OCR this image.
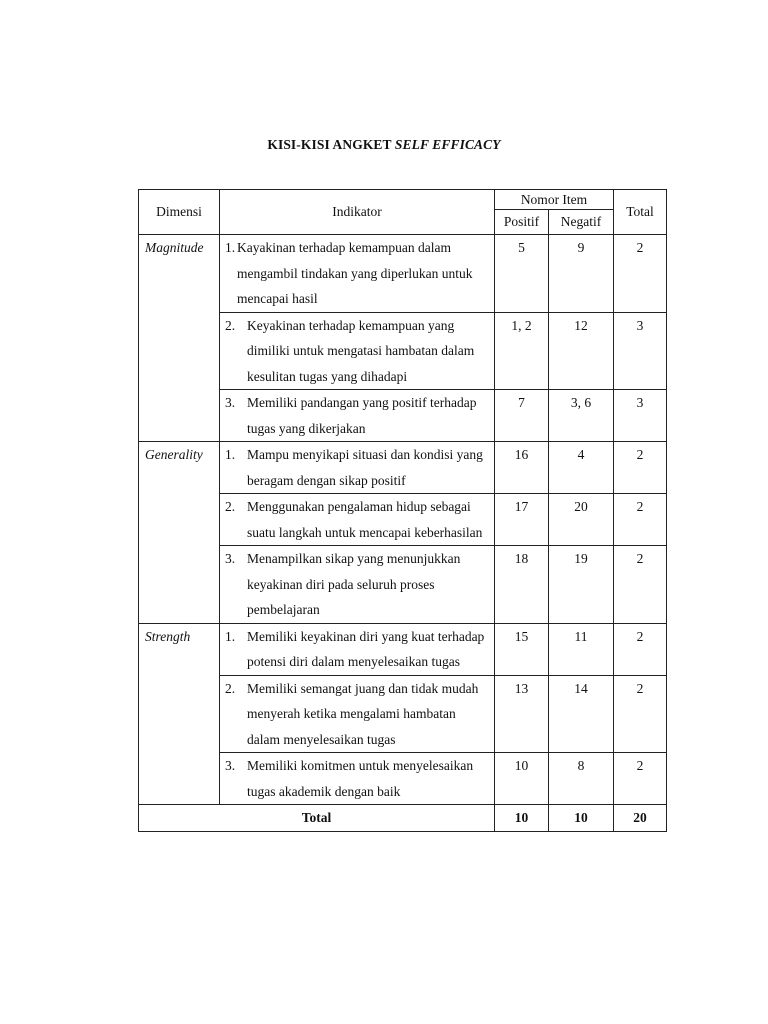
KISI-KISI ANGKET SELF EFFICACY
Dimensi	Indikator	Nomor Item		Total
		Positif	Negatif	
Magnitude	1. Kayakinan terhadap kemampuan dalam mengambil tindakan yang diperlukan untuk mencapai hasil	5	9	2

	2. Keyakinan terhadap kemampuan yang dimiliki untuk mengatasi hambatan dalam kesulitan tugas yang dihadapi	1, 2	12	3

	3. Memiliki pandangan yang positif terhadap tugas yang dikerjakan	7	3, 6	3
Generality	1. Mampu menyikapi situasi dan kondisi yang beragam dengan sikap positif	16	4	2

	2. Menggunakan pengalaman hidup sebagai suatu langkah untuk mencapai keberhasilan	17	20	2

	3. Menampilkan sikap yang menunjukkan keyakinan diri pada seluruh proses pembelajaran	18	19	2
Strength	1. Memiliki keyakinan diri yang kuat terhadap potensi diri dalam menyelesaikan tugas	15	11	2

	2. Memiliki semangat juang dan tidak mudah menyerah ketika mengalami hambatan dalam menyelesaikan tugas	13	14	2

	3. Memiliki komitmen untuk menyelesaikan tugas akademik dengan baik	10	8	2
Total		10	10	20
